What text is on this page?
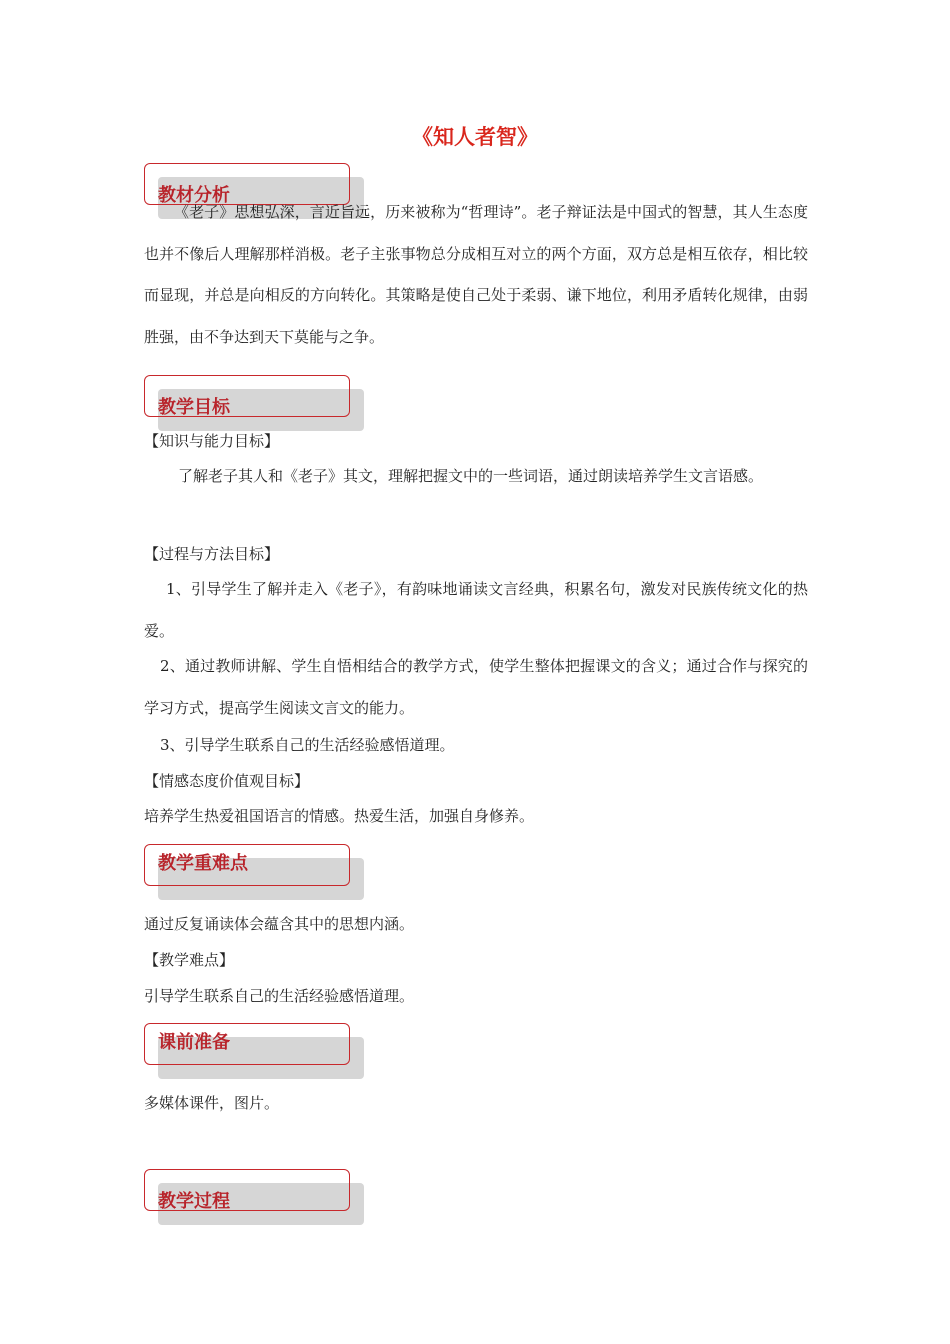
《知人者智》
教材分析

《老子》思想弘深，言近旨远，历来被称为“哲理诗”。老子辩证法是中国式的智慧，其人生态度也并不像后人理解那样消极。老子主张事物总分成相互对立的两个方面，双方总是相互依存，相比较而显现，并总是向相反的方向转化。其策略是使自己处于柔弱、谦下地位，利用矛盾转化规律，由弱胜强，由不争达到天下莫能与之争。

教学目标

【知识与能力目标】

了解老子其人和《老子》其文，理解把握文中的一些词语，通过朗读培养学生文言语感。

【过程与方法目标】

1、引导学生了解并走入《老子》，有韵味地诵读文言经典，积累名句，激发对民族传统文化的热爱。

2、通过教师讲解、学生自悟相结合的教学方式，使学生整体把握课文的含义；通过合作与探究的学习方式，提高学生阅读文言文的能力。

3、引导学生联系自己的生活经验感悟道理。

【情感态度价值观目标】

培养学生热爱祖国语言的情感。热爱生活，加强自身修养。

教学重难点

通过反复诵读体会蕴含其中的思想内涵。

【教学难点】

引导学生联系自己的生活经验感悟道理。

课前准备

多媒体课件，图片。

教学过程
